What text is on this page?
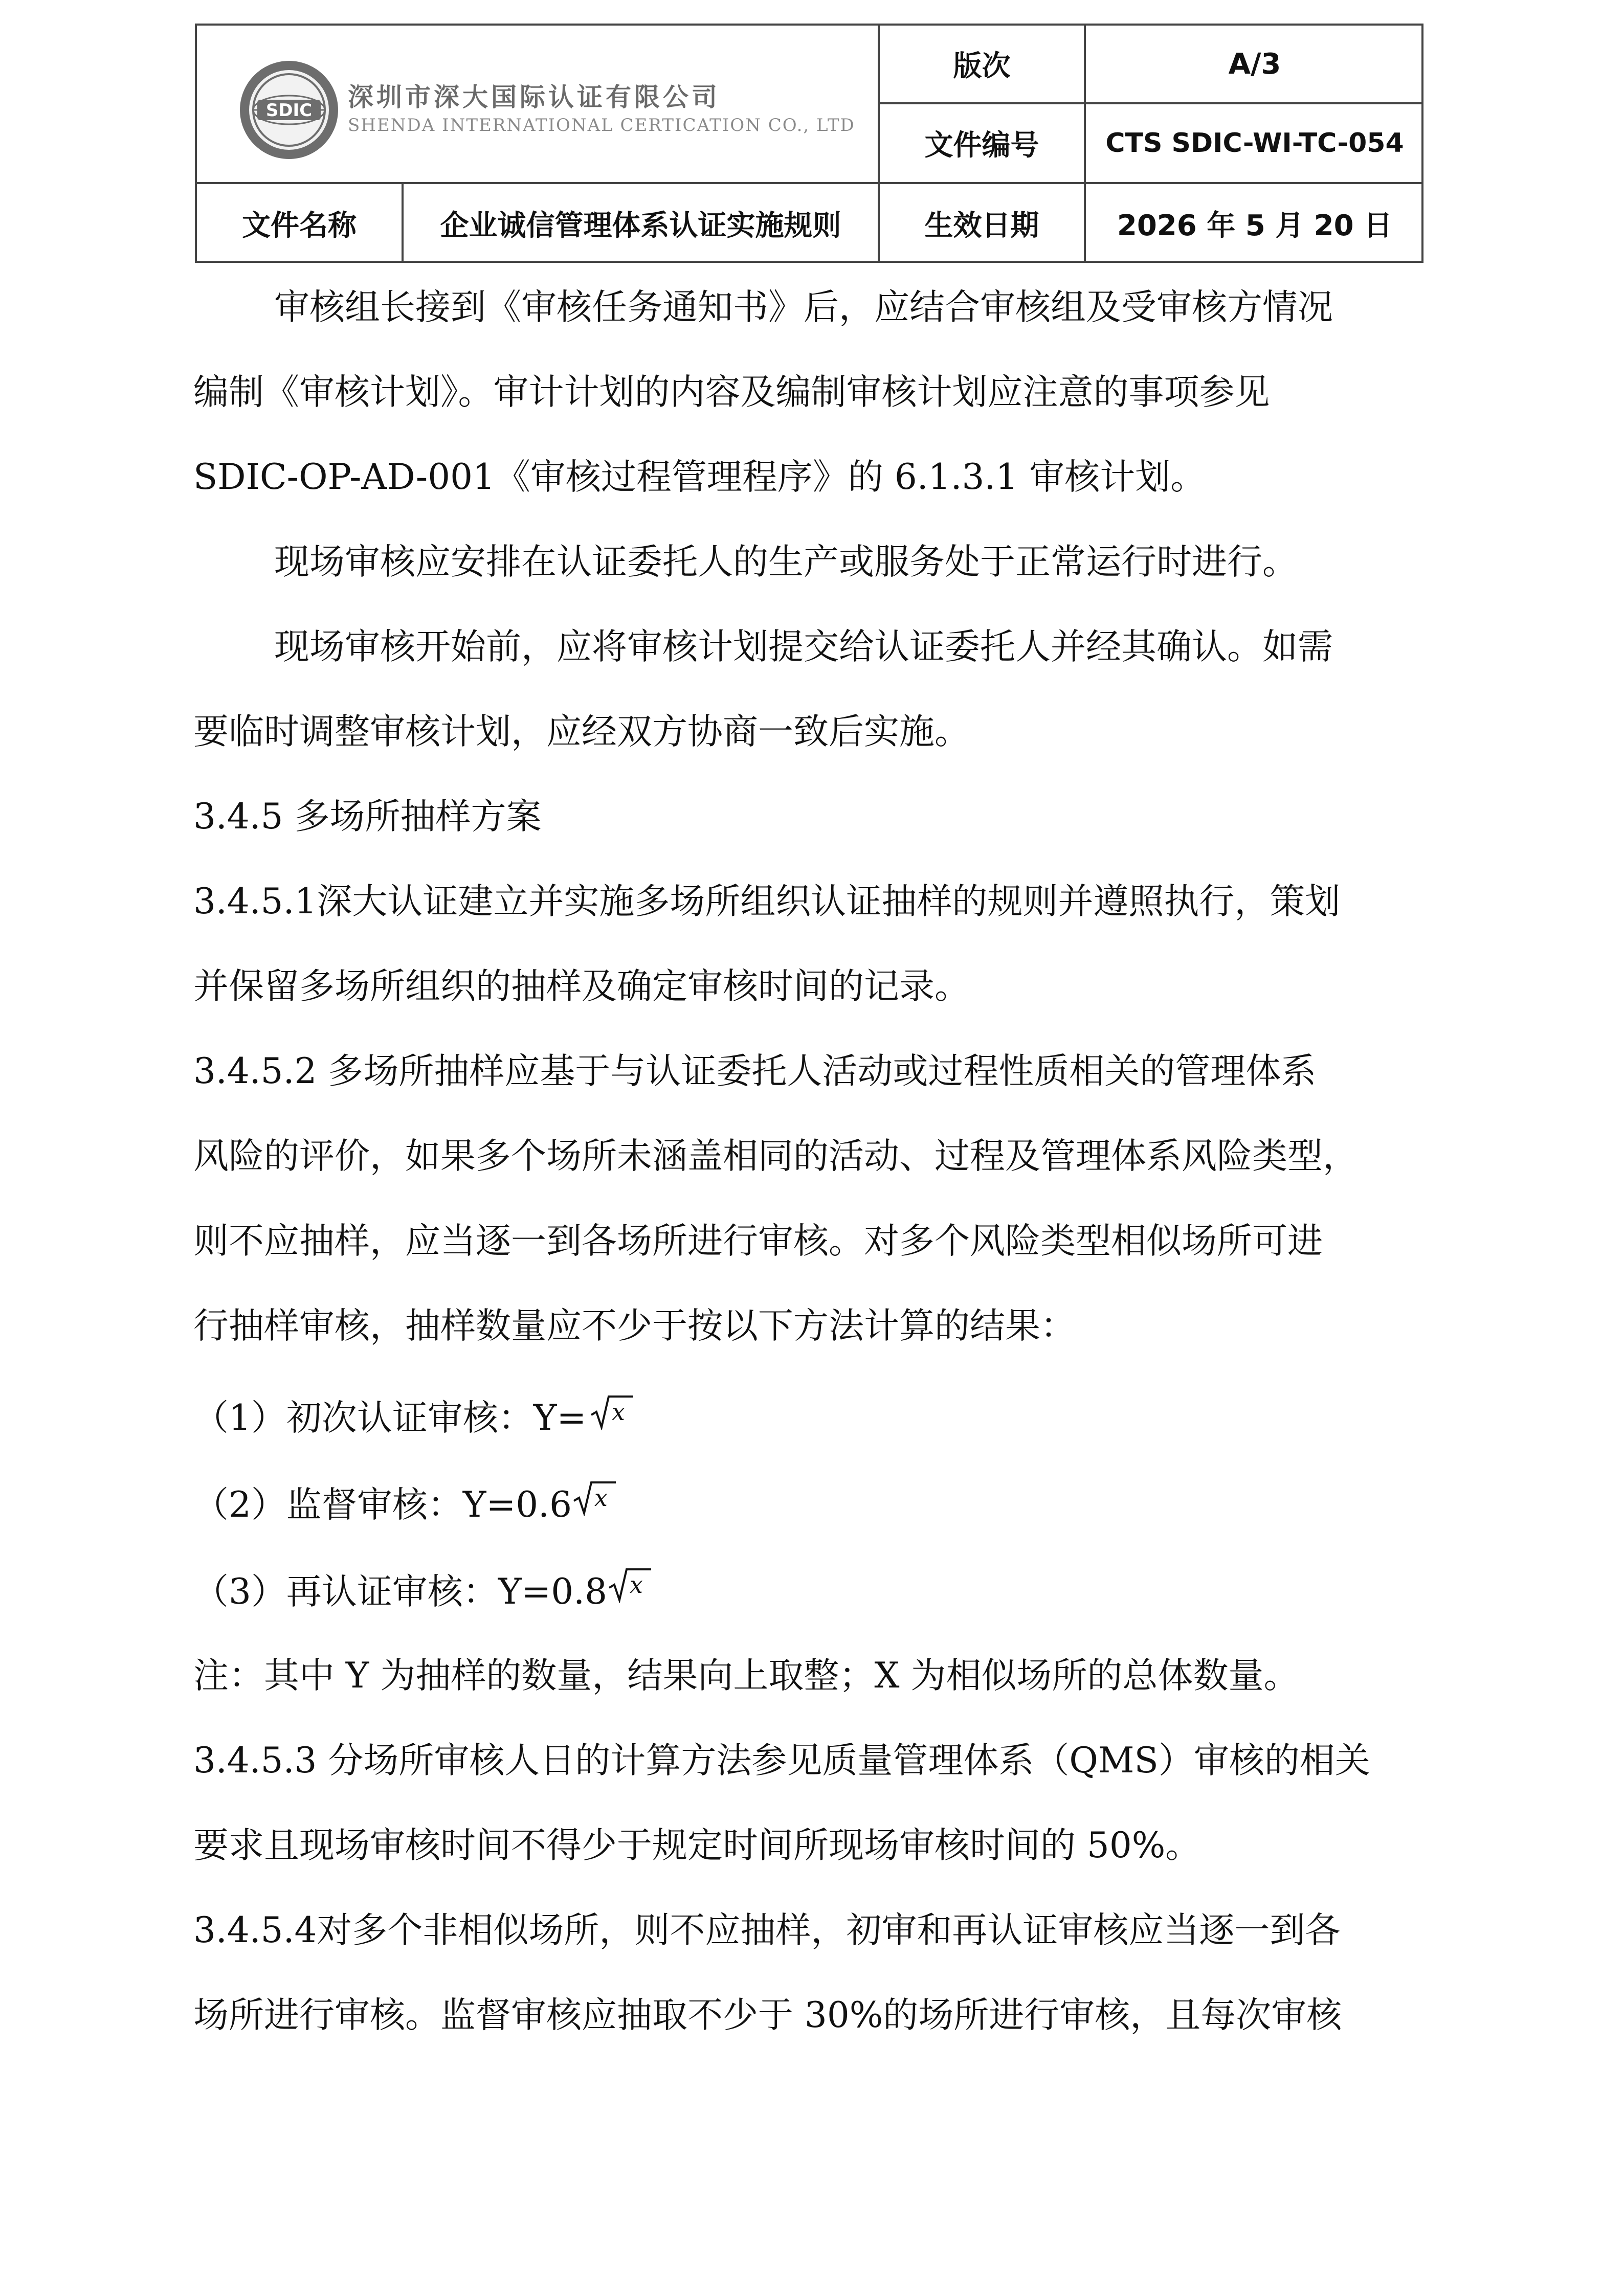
SDIC 深圳市深大国际认证有限公司
SHENDA INTERNATIONAL CERTICATION CO., LTD
版次	A/3
文件编号	CTS SDIC-WI-TC-054
文件名称	企业诚信管理体系认证实施规则	生效日期	2026 年 5 月 20 日
审核组长接到《审核任务通知书》后，应结合审核组及受审核方情况
编制《审核计划》。审计计划的内容及编制审核计划应注意的事项参见
SDIC-OP-AD-001《审核过程管理程序》的 6.1.3.1 审核计划。
现场审核应安排在认证委托人的生产或服务处于正常运行时进行。
现场审核开始前，应将审核计划提交给认证委托人并经其确认。如需
要临时调整审核计划，应经双方协商一致后实施。
3.4.5 多场所抽样方案
3.4.5.1深大认证建立并实施多场所组织认证抽样的规则并遵照执行，策划
并保留多场所组织的抽样及确定审核时间的记录。
3.4.5.2 多场所抽样应基于与认证委托人活动或过程性质相关的管理体系
风险的评价，如果多个场所未涵盖相同的活动、过程及管理体系风险类型，
则不应抽样，应当逐一到各场所进行审核。对多个风险类型相似场所可进
行抽样审核，抽样数量应不少于按以下方法计算的结果：
（1）初次认证审核：Y= x
（2）监督审核：Y=0.6 x
（3）再认证审核：Y=0.8 x
注：其中 Y 为抽样的数量，结果向上取整；X 为相似场所的总体数量。
3.4.5.3 分场所审核人日的计算方法参见质量管理体系（QMS）审核的相关
要求且现场审核时间不得少于规定时间所现场审核时间的 50%。
3.4.5.4对多个非相似场所，则不应抽样，初审和再认证审核应当逐一到各
场所进行审核。监督审核应抽取不少于 30%的场所进行审核，且每次审核
